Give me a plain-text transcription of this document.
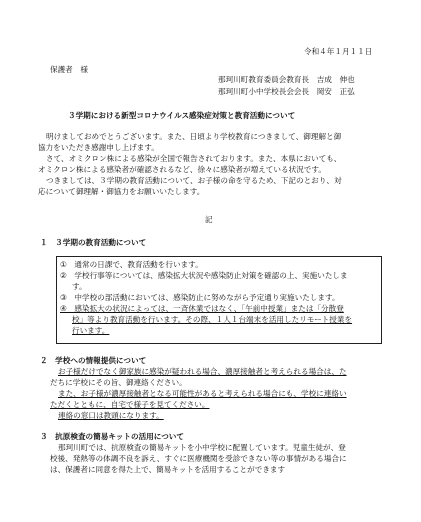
令和４年１月１１日
保護者　様
那珂川町教育委員会教育長　吉成　伸也
那珂川町小中学校長会会長　岡安　正弘
３学期における新型コロナウイルス感染症対策と教育活動について
明けましておめでとうございます。また、日頃より学校教育につきまして、御理解と御
協力をいただき感謝申し上げます。
さて、オミクロン株による感染が全国で報告されております。また、本県においても、
オミクロン株による感染者が確認されるなど、徐々に感染者が増えている状況です。
つきましては、３学期の教育活動について、お子様の命を守るため、下記のとおり、対
応について御理解・御協力をお願いいたします。
記
１　３学期の教育活動について
①　通常の日課で、教育活動を行います。
②　学校行事等については、感染拡大状況や感染防止対策を確認の上、実施いたしま
す。
③　中学校の部活動においては、感染防止に努めながら予定通り実施いたします。
④　感染拡大の状況によっては、一斉休業ではなく、「午前中授業」または「分散登
校」等より教育活動を行います。その際、１人１台端末を活用したリモート授業を
行います。
２　学校への情報提供について
お子様だけでなく御家族に感染が疑われる場合、濃厚接触者と考えられる場合は、た
だちに学校にその旨、御連絡ください。
また、お子様が濃厚接触者となる可能性があると考えられる場合にも、学校に連絡い
ただくとともに、自宅で様子を見てください。
連絡の窓口は教頭になります。
３　抗原検査の簡易キットの活用について
那珂川町では、抗原検査の簡易キットを小中学校に配置しています。児童生徒が、登
校後、発熱等の体調不良を訴え、すぐに医療機関を受診できない等の事情がある場合に
は、保護者に同意を得た上で、簡易キットを活用することができます
